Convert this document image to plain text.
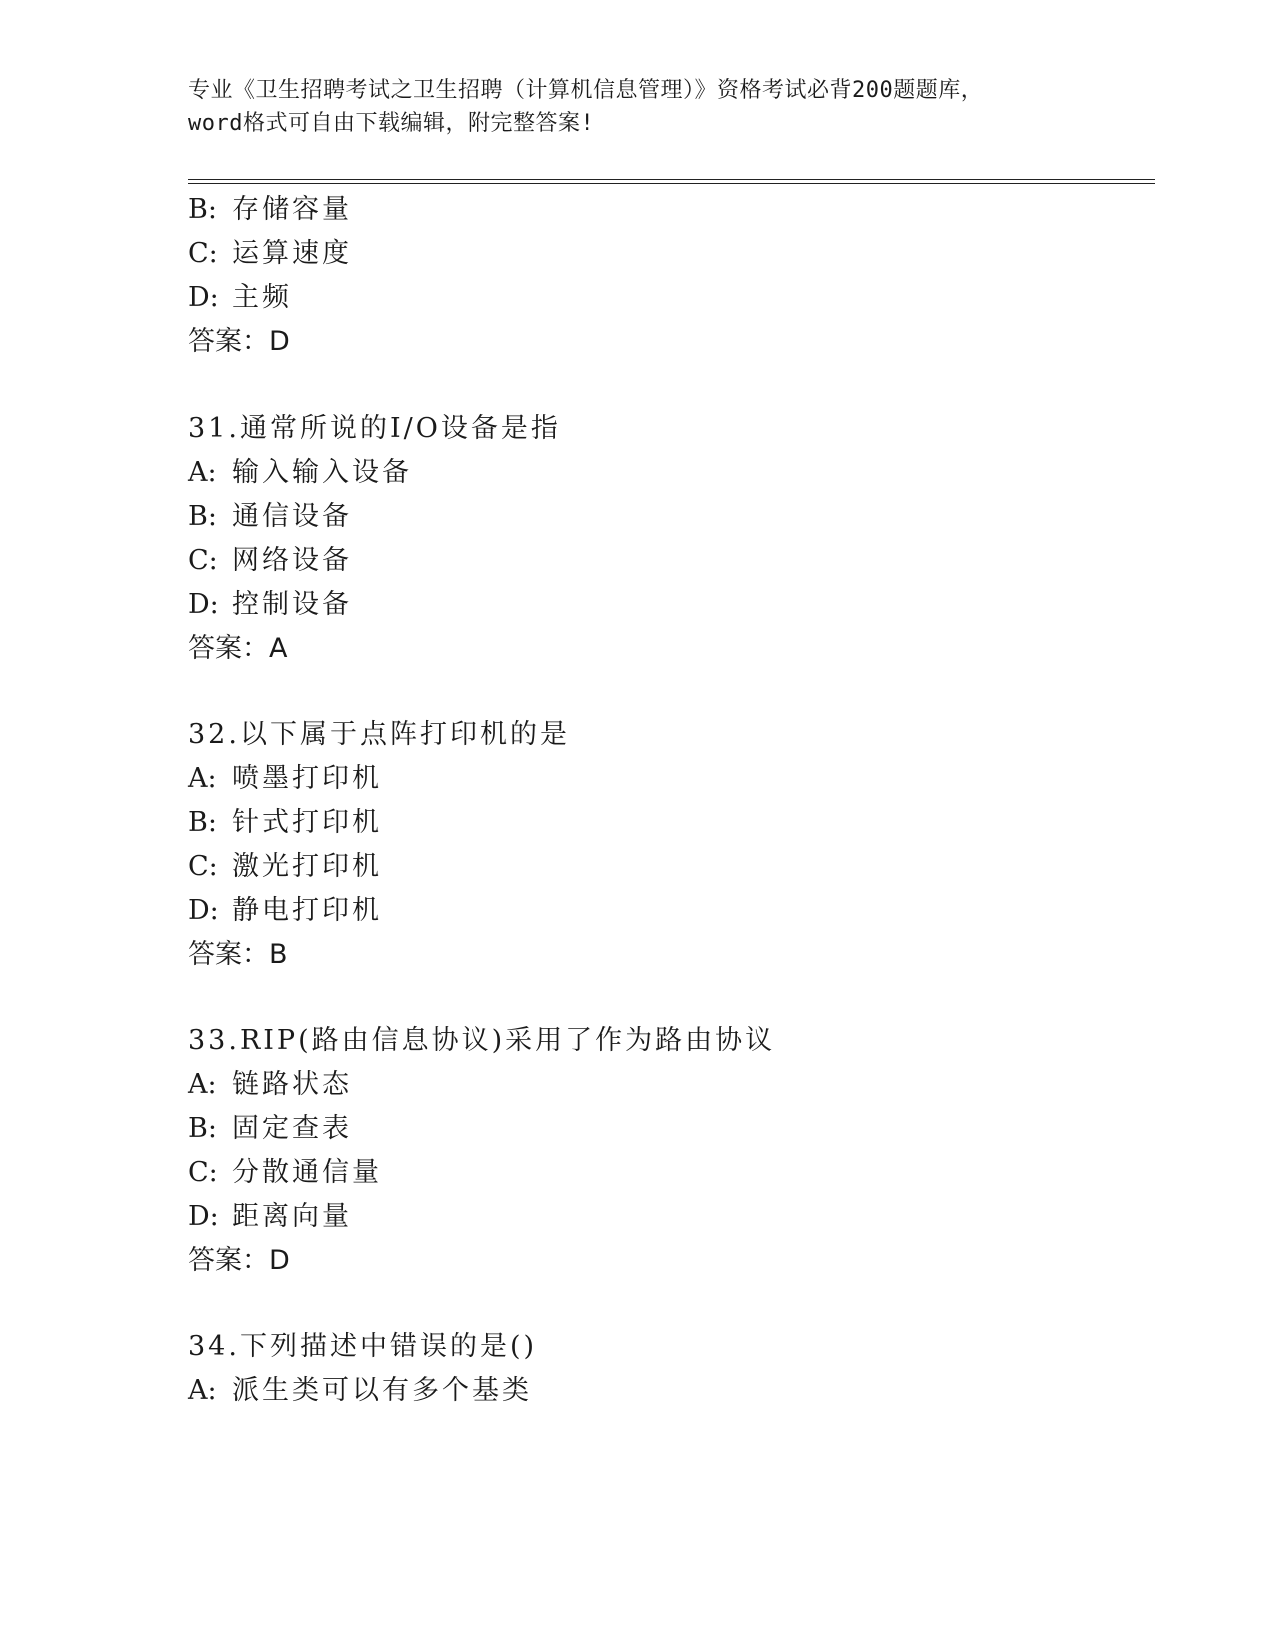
专业《卫生招聘考试之卫生招聘（计算机信息管理）》资格考试必背200题题库，
word格式可自由下载编辑，附完整答案!
B: 存储容量
C: 运算速度
D: 主频
答案：D
31.通常所说的I/O设备是指
A: 输入输入设备
B: 通信设备
C: 网络设备
D: 控制设备
答案：A
32.以下属于点阵打印机的是
A: 喷墨打印机
B: 针式打印机
C: 激光打印机
D: 静电打印机
答案：B
33.RIP(路由信息协议)采用了作为路由协议
A: 链路状态
B: 固定查表
C: 分散通信量
D: 距离向量
答案：D
34.下列描述中错误的是()
A: 派生类可以有多个基类
